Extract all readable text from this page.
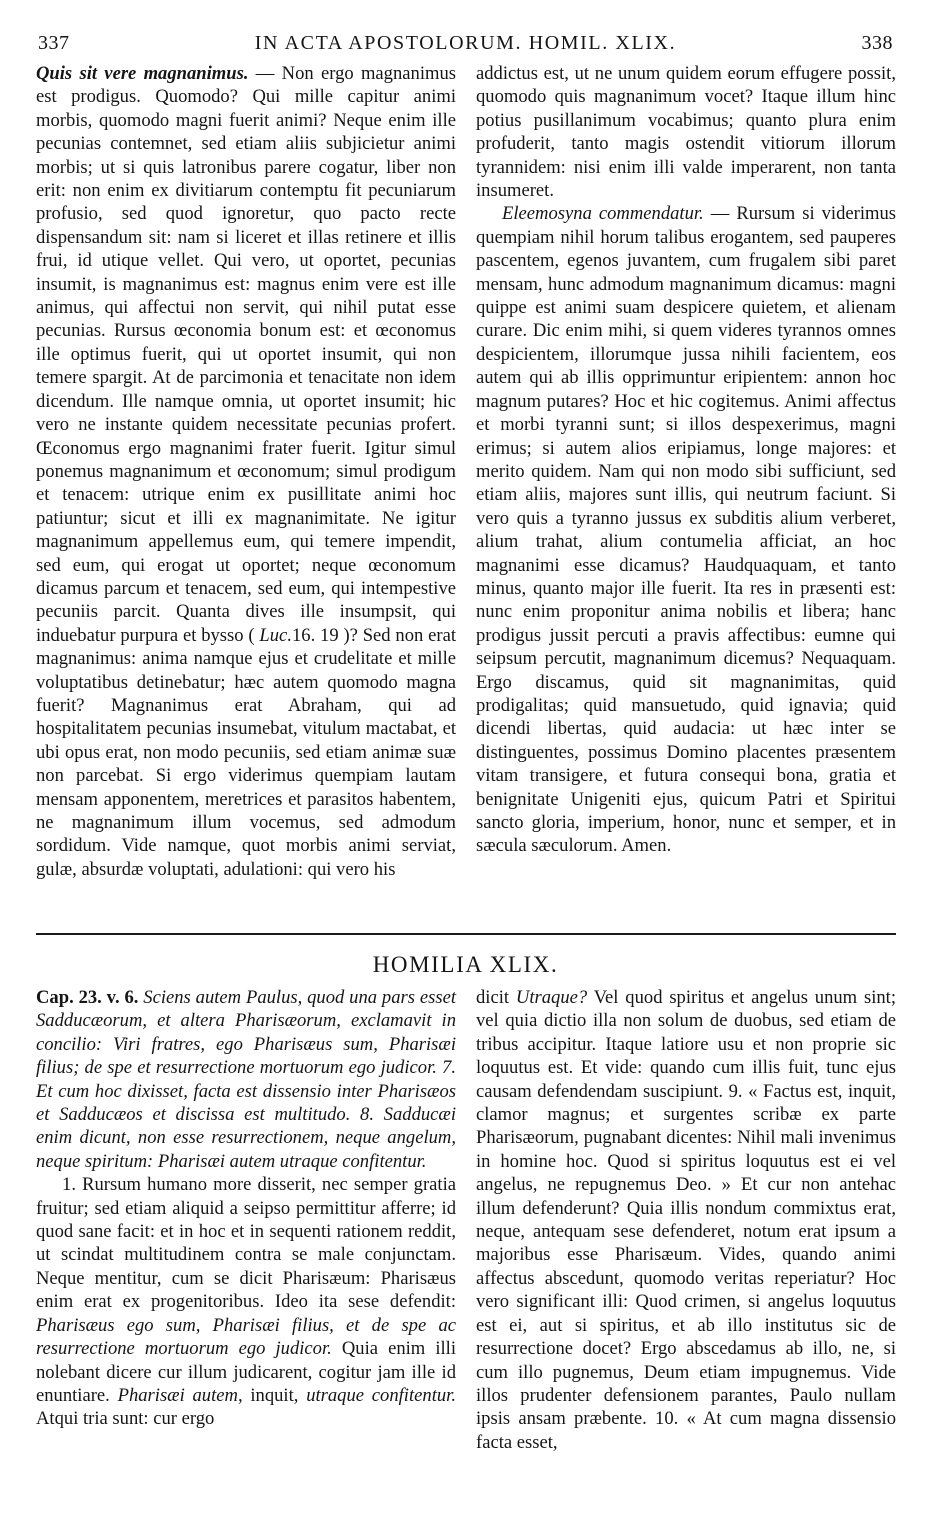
337	IN ACTA APOSTOLORUM. HOMIL. XLIX.	338

Quis sit vere magnanimus. — Non ergo magnanimus est prodigus. Quomodo? Qui mille capitur animi morbis, quomodo magni fuerit animi? Neque enim ille pecunias contemnet, sed etiam aliis subjicietur animi morbis; ut si quis latronibus parere cogatur, liber non erit: non enim ex divitiarum contemptu fit pecuniarum profusio, sed quod ignoretur, quo pacto recte dispensandum sit: nam si liceret et illas retinere et illis frui, id utique vellet. Qui vero, ut oportet, pecunias insumit, is magnanimus est: magnus enim vere est ille animus, qui affectui non servit, qui nihil putat esse pecunias. Rursus œconomia bonum est: et œconomus ille optimus fuerit, qui ut oportet insumit, qui non temere spargit. At de parcimonia et tenacitate non idem dicendum. Ille namque omnia, ut oportet insumit; hic vero ne instante quidem necessitate pecunias profert. Œconomus ergo magnanimi frater fuerit. Igitur simul ponemus magnanimum et œconomum; simul prodigum et tenacem: utrique enim ex pusillitate animi hoc patiuntur; sicut et illi ex magnanimitate. Ne igitur magnanimum appellemus eum, qui temere impendit, sed eum, qui erogat ut oportet; neque œconomum dicamus parcum et tenacem, sed eum, qui intempestive pecuniis parcit. Quanta dives ille insumpsit, qui induebatur purpura et bysso ( Luc.16. 19 )? Sed non erat magnanimus: anima namque ejus et crudelitate et mille voluptatibus detinebatur; hæc autem quomodo magna fuerit? Magnanimus erat Abraham, qui ad hospitalitatem pecunias insumebat, vitulum mactabat, et ubi opus erat, non modo pecuniis, sed etiam animæ suæ non parcebat. Si ergo viderimus quempiam lautam mensam apponentem, meretrices et parasitos habentem, ne magnanimum illum vocemus, sed admodum sordidum. Vide namque, quot morbis animi serviat, gulæ, absurdæ voluptati, adulationi: qui vero his

addictus est, ut ne unum quidem eorum effugere possit, quomodo quis magnanimum vocet? Itaque illum hinc potius pusillanimum vocabimus; quanto plura enim profuderit, tanto magis ostendit vitiorum illorum tyrannidem: nisi enim illi valde imperarent, non tanta insumeret.

Eleemosyna commendatur. — Rursum si viderimus quempiam nihil horum talibus erogantem, sed pauperes pascentem, egenos juvantem, cum frugalem sibi paret mensam, hunc admodum magnanimum dicamus: magni quippe est animi suam despicere quietem, et alienam curare. Dic enim mihi, si quem videres tyrannos omnes despicientem, illorumque jussa nihili facientem, eos autem qui ab illis opprimuntur eripientem: annon hoc magnum putares? Hoc et hic cogitemus. Animi affectus et morbi tyranni sunt; si illos despexerimus, magni erimus; si autem alios eripiamus, longe majores: et merito quidem. Nam qui non modo sibi sufficiunt, sed etiam aliis, majores sunt illis, qui neutrum faciunt. Si vero quis a tyranno jussus ex subditis alium verberet, alium trahat, alium contumelia afficiat, an hoc magnanimi esse dicamus? Haudquaquam, et tanto minus, quanto major ille fuerit. Ita res in præsenti est: nunc enim proponitur anima nobilis et libera; hanc prodigus jussit percuti a pravis affectibus: eumne qui seipsum percutit, magnanimum dicemus? Nequaquam. Ergo discamus, quid sit magnanimitas, quid prodigalitas; quid mansuetudo, quid ignavia; quid dicendi libertas, quid audacia: ut hæc inter se distinguentes, possimus Domino placentes præsentem vitam transigere, et futura consequi bona, gratia et benignitate Unigeniti ejus, quicum Patri et Spiritui sancto gloria, imperium, honor, nunc et semper, et in sæcula sæculorum. Amen.

HOMILIA XLIX.

Cap. 23. v. 6. Sciens autem Paulus, quod una pars esset Sadducæorum, et altera Pharisæorum, exclamavit in concilio: Viri fratres, ego Pharisæus sum, Pharisæi filius; de spe et resurrectione mortuorum ego judicor. 7. Et cum hoc dixisset, facta est dissensio inter Pharisæos et Sadducæos et discissa est multitudo. 8. Sadducæi enim dicunt, non esse resurrectionem, neque angelum, neque spiritum: Pharisæi autem utraque confitentur.

1. Rursum humano more disserit, nec semper gratia fruitur; sed etiam aliquid a seipso permittitur afferre; id quod sane facit: et in hoc et in sequenti rationem reddit, ut scindat multitudinem contra se male conjunctam. Neque mentitur, cum se dicit Pharisæum: Pharisæus enim erat ex progenitoribus. Ideo ita sese defendit: Pharisæus ego sum, Pharisæi filius, et de spe ac resurrectione mortuorum ego judicor. Quia enim illi nolebant dicere cur illum judicarent, cogitur jam ille id enuntiare. Pharisæi autem, inquit, utraque confitentur. Atqui tria sunt: cur ergo

dicit Utraque? Vel quod spiritus et angelus unum sint; vel quia dictio illa non solum de duobus, sed etiam de tribus accipitur. Itaque latiore usu et non proprie sic loquutus est. Et vide: quando cum illis fuit, tunc ejus causam defendendam suscipiunt. 9. « Factus est, inquit, clamor magnus; et surgentes scribæ ex parte Pharisæorum, pugnabant dicentes: Nihil mali invenimus in homine hoc. Quod si spiritus loquutus est ei vel angelus, ne repugnemus Deo. » Et cur non antehac illum defenderunt? Quia illis nondum commixtus erat, neque, antequam sese defenderet, notum erat ipsum a majoribus esse Pharisæum. Vides, quando animi affectus abscedunt, quomodo veritas reperiatur? Hoc vero significant illi: Quod crimen, si angelus loquutus est ei, aut si spiritus, et ab illo institutus sic de resurrectione docet? Ergo abscedamus ab illo, ne, si cum illo pugnemus, Deum etiam impugnemus. Vide illos prudenter defensionem parantes, Paulo nullam ipsis ansam præbente. 10. « At cum magna dissensio facta esset,
